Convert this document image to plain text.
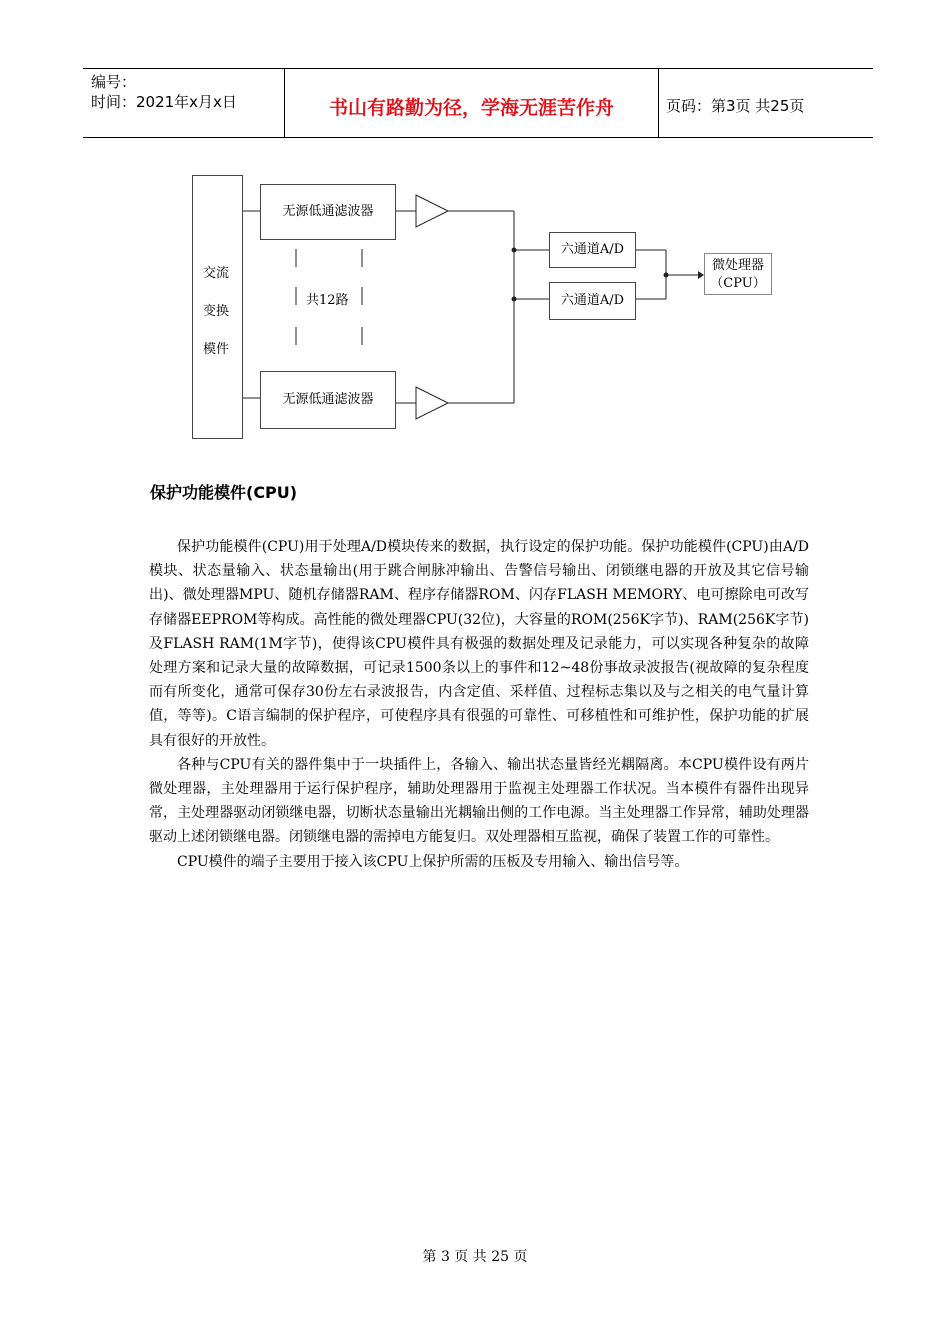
编号：
时间：2021年x月x日	书山有路勤为径，学海无涯苦作舟	页码：第3页 共25页
交流
变换
模件
无源低通滤波器
共12路
无源低通滤波器
六通道A/D
六通道A/D
微处理器
（CPU）
保护功能模件(CPU)

保护功能模件(CPU)用于处理A/D模块传来的数据，执行设定的保护功能。保护功能模件(CPU)由A/D模块、状态量输入、状态量输出(用于跳合闸脉冲输出、告警信号输出、闭锁继电器的开放及其它信号输出)、微处理器MPU、随机存储器RAM、程序存储器ROM、闪存FLASH MEMORY、电可擦除电可改写存储器EEPROM等构成。高性能的微处理器CPU(32位)，大容量的ROM(256K字节)、RAM(256K字节)及FLASH RAM(1M字节)，使得该CPU模件具有极强的数据处理及记录能力，可以实现各种复杂的故障处理方案和记录大量的故障数据，可记录1500条以上的事件和12~48份事故录波报告(视故障的复杂程度而有所变化，通常可保存30份左右录波报告，内含定值、采样值、过程标志集以及与之相关的电气量计算值，等等)。C语言编制的保护程序，可使程序具有很强的可靠性、可移植性和可维护性，保护功能的扩展具有很好的开放性。

各种与CPU有关的器件集中于一块插件上，各输入、输出状态量皆经光耦隔离。本CPU模件设有两片微处理器，主处理器用于运行保护程序，辅助处理器用于监视主处理器工作状况。当本模件有器件出现异常，主处理器驱动闭锁继电器，切断状态量输出光耦输出侧的工作电源。当主处理器工作异常，辅助处理器驱动上述闭锁继电器。闭锁继电器的需掉电方能复归。双处理器相互监视，确保了装置工作的可靠性。

CPU模件的端子主要用于接入该CPU上保护所需的压板及专用输入、输出信号等。

第 3 页 共 25 页
